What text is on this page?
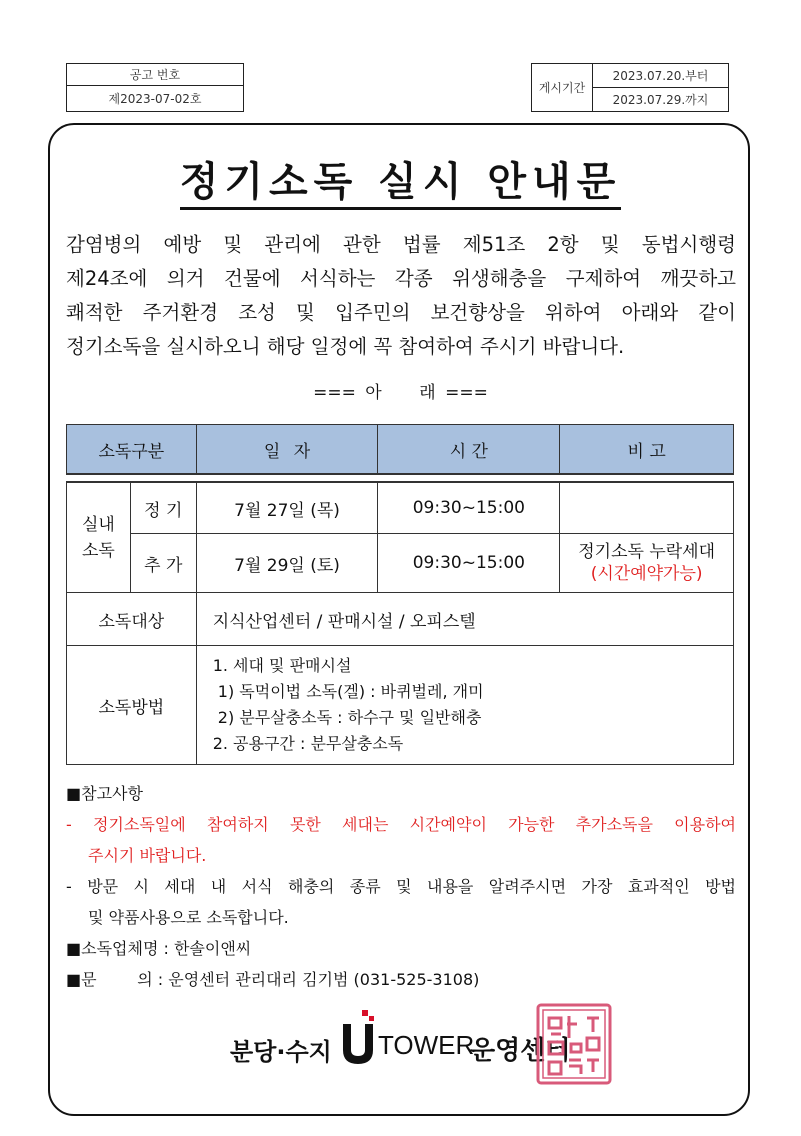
공고 번호
제2023-07-02호
게시기간	2023.07.20.부터
2023.07.29.까지
정기소독 실시 안내문
감염병의 예방 및 관리에 관한 법률 제51조 2항 및 동법시행령
제24조에 의거 건물에 서식하는 각종 위생해충을 구제하여 깨끗하고
쾌적한 주거환경 조성 및 입주민의 보건향상을 위하여 아래와 같이
정기소독을 실시하오니 해당 일정에 꼭 참여하여 주시기 바랍니다.
=== 아    래 ===
소독구분		일 자	시 간	비 고

실내
소독	정 기	7월 27일 (목)	09:30~15:00	
	추 가	7월 29일 (토)	09:30~15:00	정기소독 누락세대
(시간예약가능)

소독대상		지식산업센터 / 판매시설 / 오피스텔		
소독방법		1. 세대 및 판매시설
1) 독먹이법 소독(겔) : 바퀴벌레, 개미
2) 분무살충소독 : 하수구 및 일반해충
2. 공용구간 : 분무살충소독		
■참고사항
- 정기소독일에 참여하지 못한 세대는 시간예약이 가능한 추가소독을 이용하여
주시기 바랍니다.
- 방문 시 세대 내 서식 해충의 종류 및 내용을 알려주시면 가장 효과적인 방법
및 약품사용으로 소독합니다.
■소독업체명 : 한솔이앤씨
■문        의 : 운영센터 관리대리 김기범 (031-525-3108)
분당·수지 TOWER
운영센터
